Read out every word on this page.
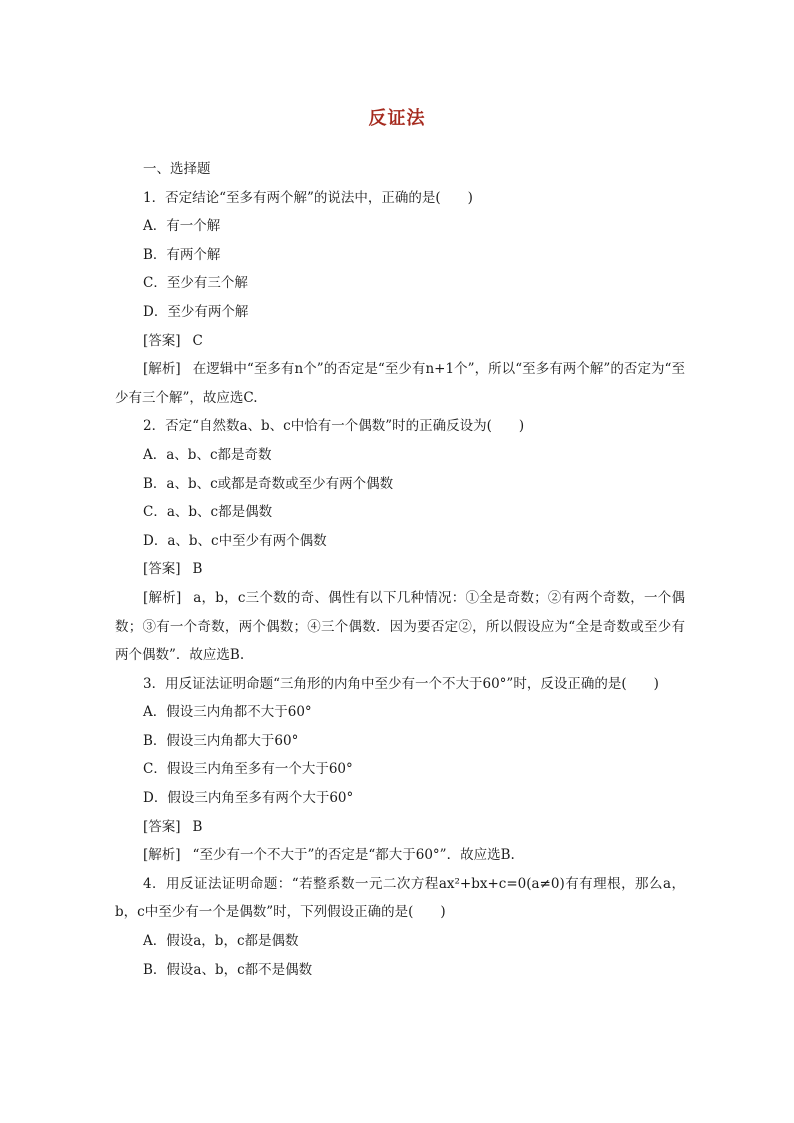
反证法

一、选择题

1．否定结论“至多有两个解”的说法中，正确的是(　　)

A．有一个解

B．有两个解

C．至少有三个解

D．至少有两个解

[答案] C

[解析] 在逻辑中“至多有n个”的否定是“至少有n+1个”，所以“至多有两个解”的否定为“至少有三个解”，故应选C.

2．否定“自然数a、b、c中恰有一个偶数”时的正确反设为(　　)

A．a、b、c都是奇数

B．a、b、c或都是奇数或至少有两个偶数

C．a、b、c都是偶数

D．a、b、c中至少有两个偶数

[答案] B

[解析] a，b，c三个数的奇、偶性有以下几种情况：①全是奇数；②有两个奇数，一个偶数；③有一个奇数，两个偶数；④三个偶数．因为要否定②，所以假设应为“全是奇数或至少有两个偶数”．故应选B.

3．用反证法证明命题“三角形的内角中至少有一个不大于60°”时，反设正确的是(　　)

A．假设三内角都不大于60°

B．假设三内角都大于60°

C．假设三内角至多有一个大于60°

D．假设三内角至多有两个大于60°

[答案] B

[解析] “至少有一个不大于”的否定是“都大于60°”．故应选B.

4．用反证法证明命题：“若整系数一元二次方程ax²+bx+c=0(a≠0)有有理根，那么a，b，c中至少有一个是偶数”时，下列假设正确的是(　　)

A．假设a，b，c都是偶数

B．假设a、b，c都不是偶数
